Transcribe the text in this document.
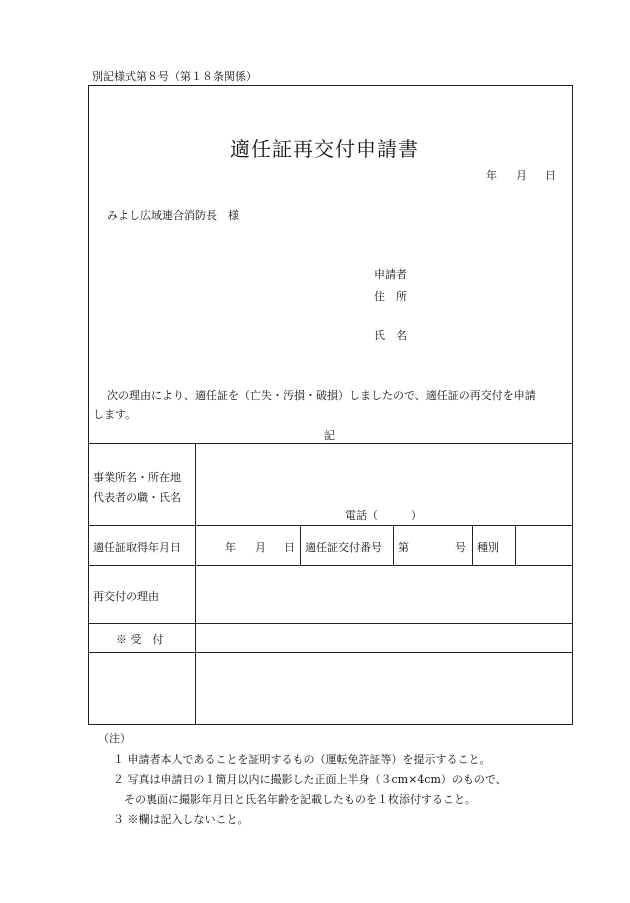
別記様式第８号（第１８条関係）
適任証再交付申請書
年 月 日
みよし広域連合消防長　様
申請者
住　所
氏　名
次の理由により、適任証を（亡失・汚損・破損）しましたので、適任証の再交付を申請
します。
記
事業所名・所在地
代表者の職・氏名
電話（　　　）
適任証取得年月日	年 月 日 適任証交付番号 第	号 種別
再交付の理由
※ 受　付
（注）
１ 申請者本人であることを証明するもの（運転免許証等）を提示すること。
２ 写真は申請日の１箇月以内に撮影した正面上半身（３cm×4cm）のもので、
その裏面に撮影年月日と氏名年齢を記載したものを１枚添付すること。
３ ※欄は記入しないこと。
